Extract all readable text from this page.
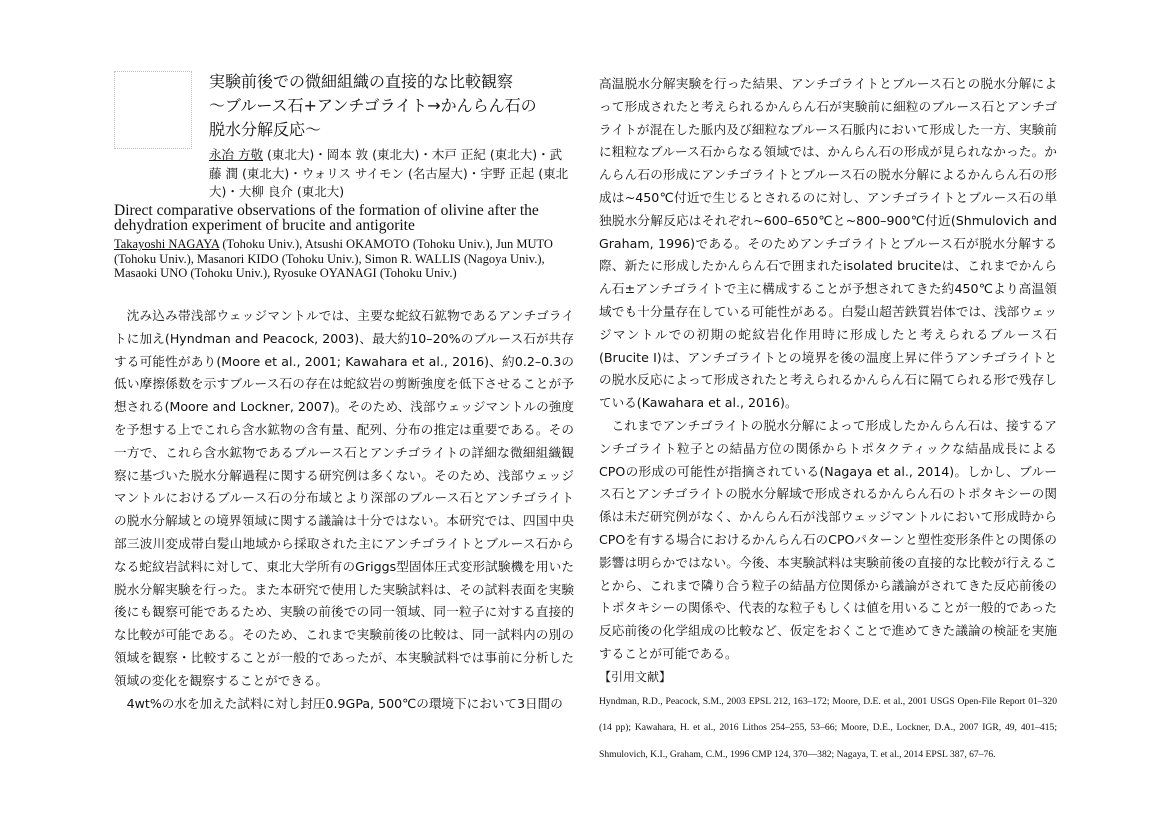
実験前後での微細組織の直接的な比較観察
〜ブルース石+アンチゴライト→かんらん石の
脱水分解反応〜
永冶 方敬 (東北大)・岡本 敦 (東北大)・木戸 正紀 (東北大)・武藤 潤 (東北大)・ウォリス サイモン (名古屋大)・宇野 正起 (東北大)・大柳 良介 (東北大)
Direct comparative observations of the formation of olivine after the dehydration experiment of brucite and antigorite
Takayoshi NAGAYA (Tohoku Univ.), Atsushi OKAMOTO (Tohoku Univ.), Jun MUTO (Tohoku Univ.), Masanori KIDO (Tohoku Univ.), Simon R. WALLIS (Nagoya Univ.), Masaoki UNO (Tohoku Univ.), Ryosuke OYANAGI (Tohoku Univ.)

沈み込み帯浅部ウェッジマントルでは、主要な蛇紋石鉱物であるアンチゴライトに加え(Hyndman and Peacock, 2003)、最大約10–20%のブルース石が共存する可能性があり(Moore et al., 2001; Kawahara et al., 2016)、約0.2–0.3の低い摩擦係数を示すブルース石の存在は蛇紋岩の剪断強度を低下させることが予想される(Moore and Lockner, 2007)。そのため、浅部ウェッジマントルの強度を予想する上でこれら含水鉱物の含有量、配列、分布の推定は重要である。その一方で、これら含水鉱物であるブルース石とアンチゴライトの詳細な微細組織観察に基づいた脱水分解過程に関する研究例は多くない。そのため、浅部ウェッジマントルにおけるブルース石の分布域とより深部のブルース石とアンチゴライトの脱水分解域との境界領域に関する議論は十分ではない。本研究では、四国中央部三波川変成帯白髪山地域から採取された主にアンチゴライトとブルース石からなる蛇紋岩試料に対して、東北大学所有のGriggs型固体圧式変形試験機を用いた脱水分解実験を行った。また本研究で使用した実験試料は、その試料表面を実験後にも観察可能であるため、実験の前後での同一領域、同一粒子に対する直接的な比較が可能である。そのため、これまで実験前後の比較は、同一試料内の別の領域を観察・比較することが一般的であったが、本実験試料では事前に分析した領域の変化を観察することができる。

4wt%の水を加えた試料に対し封圧0.9GPa, 500℃の環境下において3日間の

高温脱水分解実験を行った結果、アンチゴライトとブルース石との脱水分解によって形成されたと考えられるかんらん石が実験前に細粒のブルース石とアンチゴライトが混在した脈内及び細粒なブルース石脈内において形成した一方、実験前に粗粒なブルース石からなる領域では、かんらん石の形成が見られなかった。かんらん石の形成にアンチゴライトとブルース石の脱水分解によるかんらん石の形成は~450℃付近で生じるとされるのに対し、アンチゴライトとブルース石の単独脱水分解反応はそれぞれ~600–650℃と~800–900℃付近(Shmulovich and Graham, 1996)である。そのためアンチゴライトとブルース石が脱水分解する際、新たに形成したかんらん石で囲まれたisolated bruciteは、これまでかんらん石±アンチゴライトで主に構成することが予想されてきた約450℃より高温領域でも十分量存在している可能性がある。白髪山超苦鉄質岩体では、浅部ウェッジマントルでの初期の蛇紋岩化作用時に形成したと考えられるブルース石(Brucite I)は、アンチゴライトとの境界を後の温度上昇に伴うアンチゴライトとの脱水反応によって形成されたと考えられるかんらん石に隔てられる形で残存している(Kawahara et al., 2016)。

これまでアンチゴライトの脱水分解によって形成したかんらん石は、接するアンチゴライト粒子との結晶方位の関係からトポタクティックな結晶成長によるCPOの形成の可能性が指摘されている(Nagaya et al., 2014)。しかし、ブルース石とアンチゴライトの脱水分解域で形成されるかんらん石のトポタキシーの関係は未だ研究例がなく、かんらん石が浅部ウェッジマントルにおいて形成時からCPOを有する場合におけるかんらん石のCPOパターンと塑性変形条件との関係の影響は明らかではない。今後、本実験試料は実験前後の直接的な比較が行えることから、これまで隣り合う粒子の結晶方位関係から議論がされてきた反応前後のトポタキシーの関係や、代表的な粒子もしくは値を用いることが一般的であった反応前後の化学組成の比較など、仮定をおくことで進めてきた議論の検証を実施することが可能である。

【引用文献】

Hyndman, R.D., Peacock, S.M., 2003 EPSL 212, 163–172; Moore, D.E. et al., 2001 USGS Open-File Report 01–320 (14 pp); Kawahara, H. et al., 2016 Lithos 254–255, 53–66; Moore, D.E., Lockner, D.A., 2007 IGR, 49, 401–415; Shmulovich, K.I., Graham, C.M., 1996 CMP 124, 370—382; Nagaya, T. et al., 2014 EPSL 387, 67–76.
